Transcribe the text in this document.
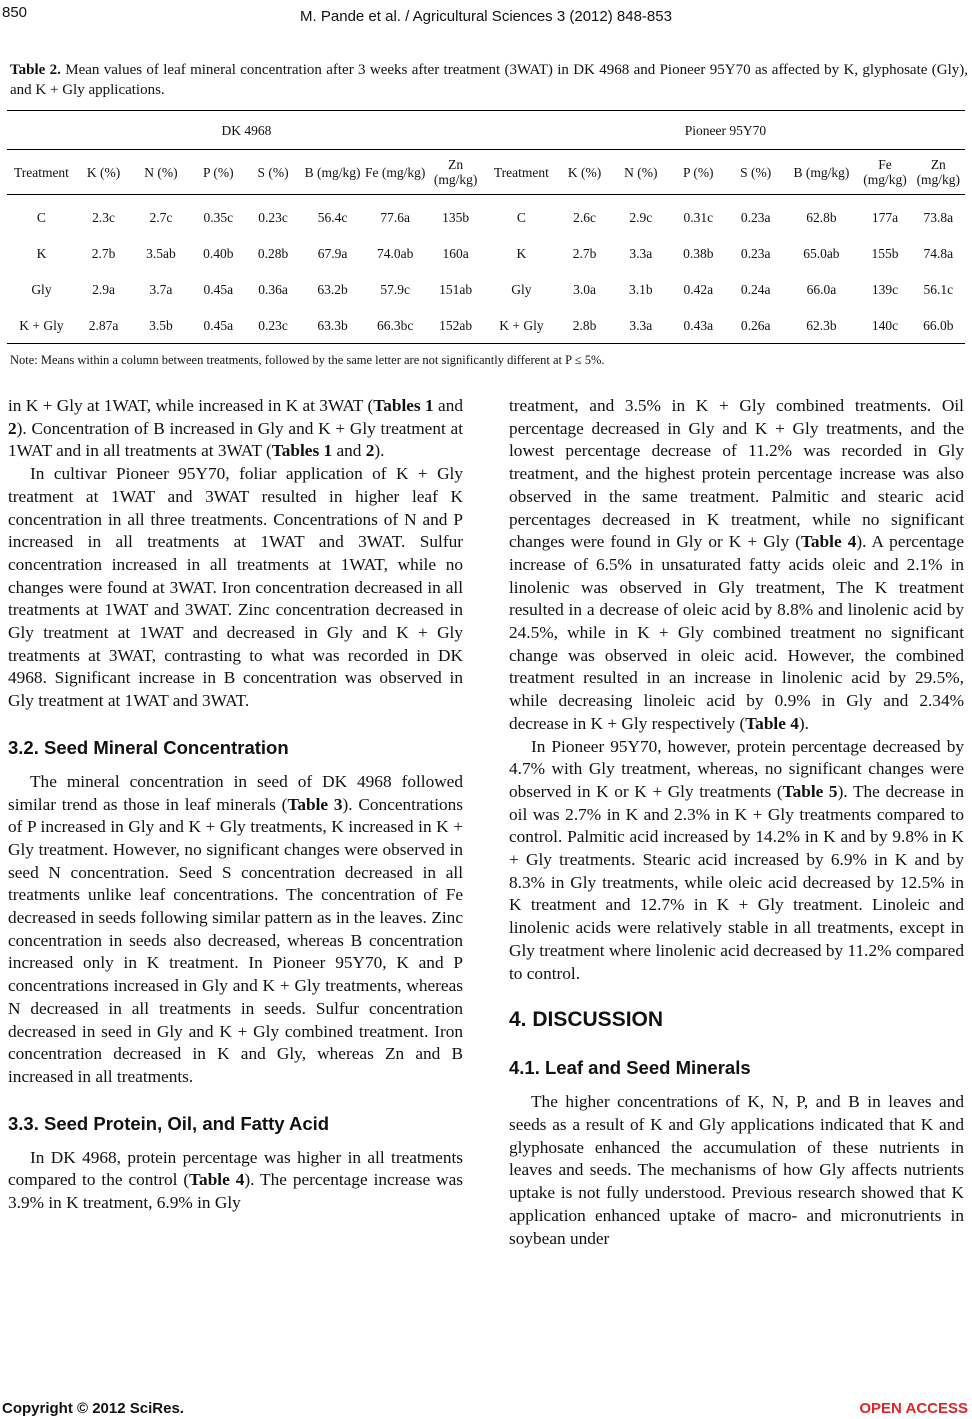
850	M. Pande et al. / Agricultural Sciences 3 (2012) 848-853
Table 2. Mean values of leaf mineral concentration after 3 weeks after treatment (3WAT) in DK 4968 and Pioneer 95Y70 as affected by K, glyphosate (Gly), and K + Gly applications.
DK 4968								Pioneer 95Y70							
Treatment	K (%)	N (%)	P (%)	S (%)	B (mg/kg)	Fe (mg/kg)	Zn (mg/kg)	Treatment	K (%)	N (%)	P (%)	S (%)	B (mg/kg)	Fe (mg/kg)	Zn (mg/kg)
C	2.3c	2.7c	0.35c	0.23c	56.4c	77.6a	135b	C	2.6c	2.9c	0.31c	0.23a	62.8b	177a	73.8a
K	2.7b	3.5ab	0.40b	0.28b	67.9a	74.0ab	160a	K	2.7b	3.3a	0.38b	0.23a	65.0ab	155b	74.8a
Gly	2.9a	3.7a	0.45a	0.36a	63.2b	57.9c	151ab	Gly	3.0a	3.1b	0.42a	0.24a	66.0a	139c	56.1c
K + Gly	2.87a	3.5b	0.45a	0.23c	63.3b	66.3bc	152ab	K + Gly	2.8b	3.3a	0.43a	0.26a	62.3b	140c	66.0b
Note: Means within a column between treatments, followed by the same letter are not significantly different at P ≤ 5%.

in K + Gly at 1WAT, while increased in K at 3WAT (Tables 1 and 2). Concentration of B increased in Gly and K + Gly treatment at 1WAT and in all treatments at 3WAT (Tables 1 and 2).

In cultivar Pioneer 95Y70, foliar application of K + Gly treatment at 1WAT and 3WAT resulted in higher leaf K concentration in all three treatments. Concentrations of N and P increased in all treatments at 1WAT and 3WAT. Sulfur concentration increased in all treatments at 1WAT, while no changes were found at 3WAT. Iron concentration decreased in all treatments at 1WAT and 3WAT. Zinc concentration decreased in Gly treatment at 1WAT and decreased in Gly and K + Gly treatments at 3WAT, contrasting to what was recorded in DK 4968. Significant increase in B concentration was observed in Gly treatment at 1WAT and 3WAT.

3.2. Seed Mineral Concentration

The mineral concentration in seed of DK 4968 followed similar trend as those in leaf minerals (Table 3). Concentrations of P increased in Gly and K + Gly treatments, K increased in K + Gly treatment. However, no significant changes were observed in seed N concentration. Seed S concentration decreased in all treatments unlike leaf concentrations. The concentration of Fe decreased in seeds following similar pattern as in the leaves. Zinc concentration in seeds also decreased, whereas B concentration increased only in K treatment. In Pioneer 95Y70, K and P concentrations increased in Gly and K + Gly treatments, whereas N decreased in all treatments in seeds. Sulfur concentration decreased in seed in Gly and K + Gly combined treatment. Iron concentration decreased in K and Gly, whereas Zn and B increased in all treatments.

3.3. Seed Protein, Oil, and Fatty Acid

In DK 4968, protein percentage was higher in all treatments compared to the control (Table 4). The percentage increase was 3.9% in K treatment, 6.9% in Gly

treatment, and 3.5% in K + Gly combined treatments. Oil percentage decreased in Gly and K + Gly treatments, and the lowest percentage decrease of 11.2% was recorded in Gly treatment, and the highest protein percentage increase was also observed in the same treatment. Palmitic and stearic acid percentages decreased in K treatment, while no significant changes were found in Gly or K + Gly (Table 4). A percentage increase of 6.5% in unsaturated fatty acids oleic and 2.1% in linolenic was observed in Gly treatment, The K treatment resulted in a decrease of oleic acid by 8.8% and linolenic acid by 24.5%, while in K + Gly combined treatment no significant change was observed in oleic acid. However, the combined treatment resulted in an increase in linolenic acid by 29.5%, while decreasing linoleic acid by 0.9% in Gly and 2.34% decrease in K + Gly respectively (Table 4).

In Pioneer 95Y70, however, protein percentage decreased by 4.7% with Gly treatment, whereas, no significant changes were observed in K or K + Gly treatments (Table 5). The decrease in oil was 2.7% in K and 2.3% in K + Gly treatments compared to control. Palmitic acid increased by 14.2% in K and by 9.8% in K + Gly treatments. Stearic acid increased by 6.9% in K and by 8.3% in Gly treatments, while oleic acid decreased by 12.5% in K treatment and 12.7% in K + Gly treatment. Linoleic and linolenic acids were relatively stable in all treatments, except in Gly treatment where linolenic acid decreased by 11.2% compared to control.

4. DISCUSSION
4.1. Leaf and Seed Minerals

The higher concentrations of K, N, P, and B in leaves and seeds as a result of K and Gly applications indicated that K and glyphosate enhanced the accumulation of these nutrients in leaves and seeds. The mechanisms of how Gly affects nutrients uptake is not fully understood. Previous research showed that K application enhanced uptake of macro- and micronutrients in soybean under

Copyright © 2012 SciRes.	OPEN ACCESS
